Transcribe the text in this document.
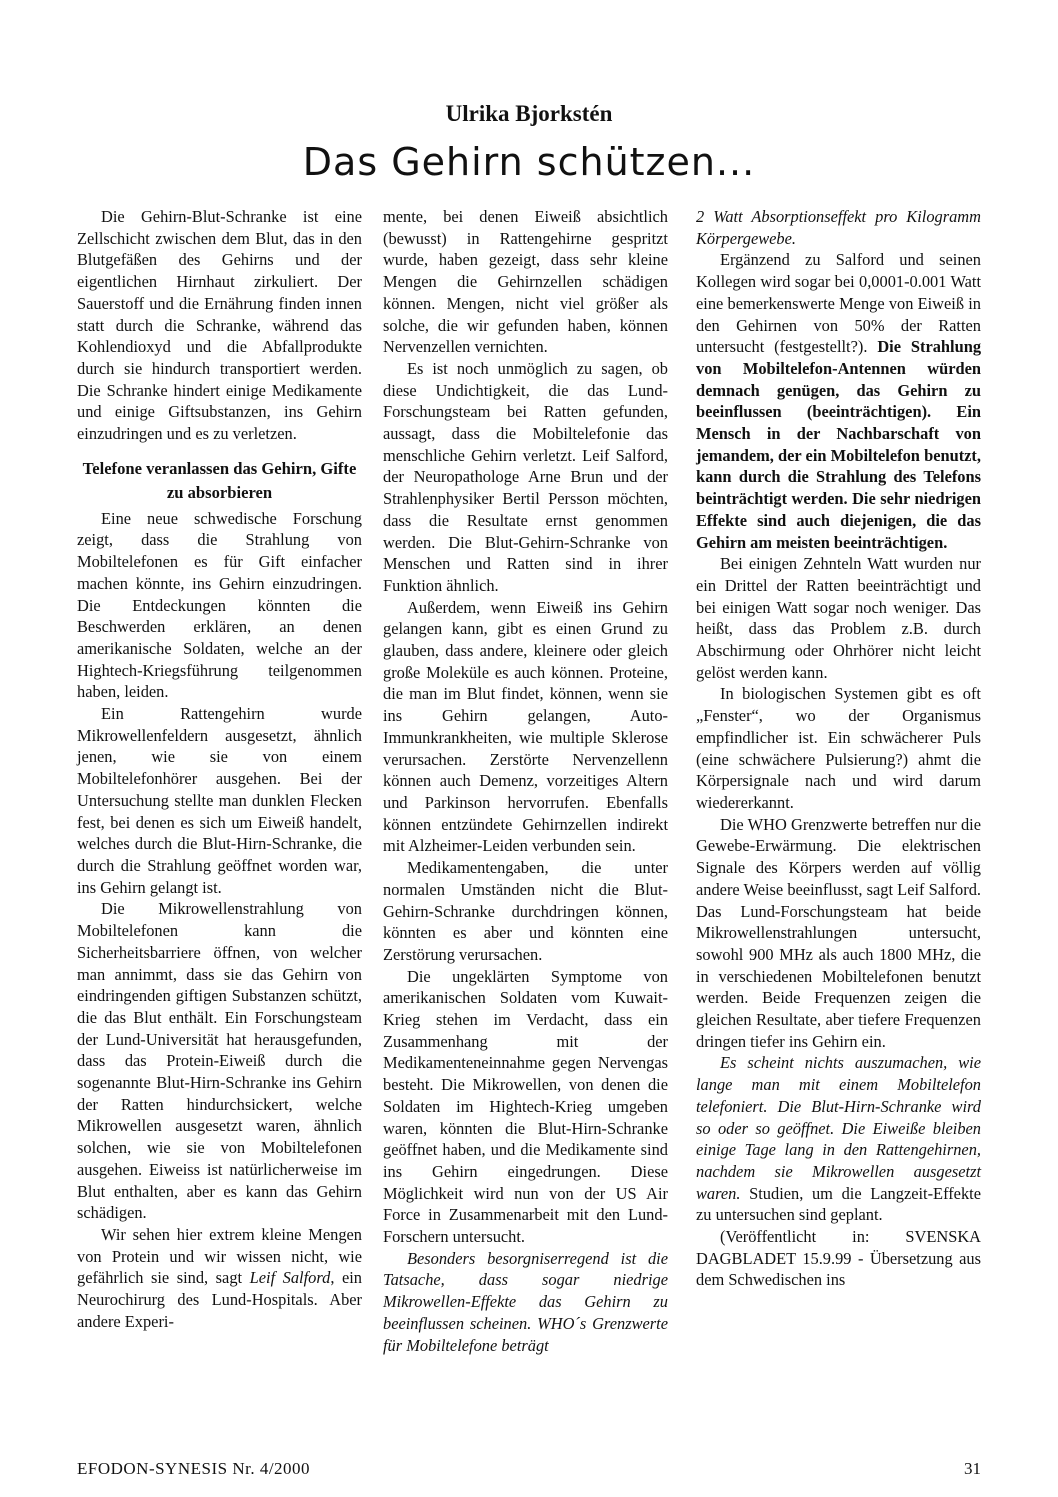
Ulrika Bjorkstén
Das Gehirn schützen...

Die Gehirn-Blut-Schranke ist eine Zellschicht zwischen dem Blut, das in den Blutgefäßen des Gehirns und der eigentlichen Hirnhaut zirkuliert. Der Sauerstoff und die Ernährung finden innen statt durch die Schranke, während das Kohlendioxyd und die Abfallprodukte durch sie hindurch transportiert werden. Die Schranke hindert einige Medikamente und einige Giftsubstanzen, ins Gehirn einzudringen und es zu verletzen.

Telefone veranlassen das Gehirn, Gifte zu absorbieren

Eine neue schwedische Forschung zeigt, dass die Strahlung von Mobiltelefonen es für Gift einfacher machen könnte, ins Gehirn einzudringen. Die Entdeckungen könnten die Beschwerden erklären, an denen amerikanische Soldaten, welche an der Hightech-Kriegsführung teilgenommen haben, leiden.

Ein Rattengehirn wurde Mikrowellenfeldern ausgesetzt, ähnlich jenen, wie sie von einem Mobiltelefonhörer ausgehen. Bei der Untersuchung stellte man dunklen Flecken fest, bei denen es sich um Eiweiß handelt, welches durch die Blut-Hirn-Schranke, die durch die Strahlung geöffnet worden war, ins Gehirn gelangt ist.

Die Mikrowellenstrahlung von Mobiltelefonen kann die Sicherheitsbarriere öffnen, von welcher man annimmt, dass sie das Gehirn von eindringenden giftigen Substanzen schützt, die das Blut enthält. Ein Forschungsteam der Lund-Universität hat herausgefunden, dass das Protein-Eiweiß durch die sogenannte Blut-Hirn-Schranke ins Gehirn der Ratten hindurchsickert, welche Mikrowellen ausgesetzt waren, ähnlich solchen, wie sie von Mobiltelefonen ausgehen. Eiweiss ist natürlicherweise im Blut enthalten, aber es kann das Gehirn schädigen.

Wir sehen hier extrem kleine Mengen von Protein und wir wissen nicht, wie gefährlich sie sind, sagt Leif Salford, ein Neurochirurg des Lund-Hospitals. Aber andere Experi-

mente, bei denen Eiweiß absichtlich (bewusst) in Rattengehirne gespritzt wurde, haben gezeigt, dass sehr kleine Mengen die Gehirnzellen schädigen können. Mengen, nicht viel größer als solche, die wir gefunden haben, können Nervenzellen vernichten.

Es ist noch unmöglich zu sagen, ob diese Undichtigkeit, die das Lund-Forschungsteam bei Ratten gefunden, aussagt, dass die Mobiltelefonie das menschliche Gehirn verletzt. Leif Salford, der Neuropathologe Arne Brun und der Strahlenphysiker Bertil Persson möchten, dass die Resultate ernst genommen werden. Die Blut-Gehirn-Schranke von Menschen und Ratten sind in ihrer Funktion ähnlich.

Außerdem, wenn Eiweiß ins Gehirn gelangen kann, gibt es einen Grund zu glauben, dass andere, kleinere oder gleich große Moleküle es auch können. Proteine, die man im Blut findet, können, wenn sie ins Gehirn gelangen, Auto-Immunkrankheiten, wie multiple Sklerose verursachen. Zerstörte Nervenzellenn können auch Demenz, vorzeitiges Altern und Parkinson hervorrufen. Ebenfalls können entzündete Gehirnzellen indirekt mit Alzheimer-Leiden verbunden sein.

Medikamentengaben, die unter normalen Umständen nicht die Blut-Gehirn-Schranke durchdringen können, könnten es aber und könnten eine Zerstörung verursachen.

Die ungeklärten Symptome von amerikanischen Soldaten vom Kuwait-Krieg stehen im Verdacht, dass ein Zusammenhang mit der Medikamenteneinnahme gegen Nervengas besteht. Die Mikrowellen, von denen die Soldaten im Hightech-Krieg umgeben waren, könnten die Blut-Hirn-Schranke geöffnet haben, und die Medikamente sind ins Gehirn eingedrungen. Diese Möglichkeit wird nun von der US Air Force in Zusammenarbeit mit den Lund-Forschern untersucht.

Besonders besorgniserregend ist die Tatsache, dass sogar niedrige Mikrowellen-Effekte das Gehirn zu beeinflussen scheinen. WHO´s Grenzwerte für Mobiltelefone beträgt

2 Watt Absorptionseffekt pro Kilogramm Körpergewebe.

Ergänzend zu Salford und seinen Kollegen wird sogar bei 0,0001-0.001 Watt eine bemerkenswerte Menge von Eiweiß in den Gehirnen von 50% der Ratten untersucht (festgestellt?). Die Strahlung von Mobiltelefon-Antennen würden demnach genügen, das Gehirn zu beeinflussen (beeinträchtigen). Ein Mensch in der Nachbarschaft von jemandem, der ein Mobiltelefon benutzt, kann durch die Strahlung des Telefons beinträchtigt werden. Die sehr niedrigen Effekte sind auch diejenigen, die das Gehirn am meisten beeinträchtigen.

Bei einigen Zehnteln Watt wurden nur ein Drittel der Ratten beeinträchtigt und bei einigen Watt sogar noch weniger. Das heißt, dass das Problem z.B. durch Abschirmung oder Ohrhörer nicht leicht gelöst werden kann.

In biologischen Systemen gibt es oft „Fenster“, wo der Organismus empfindlicher ist. Ein schwächerer Puls (eine schwächere Pulsierung?) ahmt die Körpersignale nach und wird darum wiedererkannt.

Die WHO Grenzwerte betreffen nur die Gewebe-Erwärmung. Die elektrischen Signale des Körpers werden auf völlig andere Weise beeinflusst, sagt Leif Salford. Das Lund-Forschungsteam hat beide Mikrowellenstrahlungen untersucht, sowohl 900 MHz als auch 1800 MHz, die in verschiedenen Mobiltelefonen benutzt werden. Beide Frequenzen zeigen die gleichen Resultate, aber tiefere Frequenzen dringen tiefer ins Gehirn ein.

Es scheint nichts auszumachen, wie lange man mit einem Mobiltelefon telefoniert. Die Blut-Hirn-Schranke wird so oder so geöffnet. Die Eiweiße bleiben einige Tage lang in den Rattengehirnen, nachdem sie Mikrowellen ausgesetzt waren. Studien, um die Langzeit-Effekte zu untersuchen sind geplant.

(Veröffentlicht in: SVENSKA DAGBLADET 15.9.99 - Übersetzung aus dem Schwedischen ins

EFODON-SYNESIS Nr. 4/2000	31
